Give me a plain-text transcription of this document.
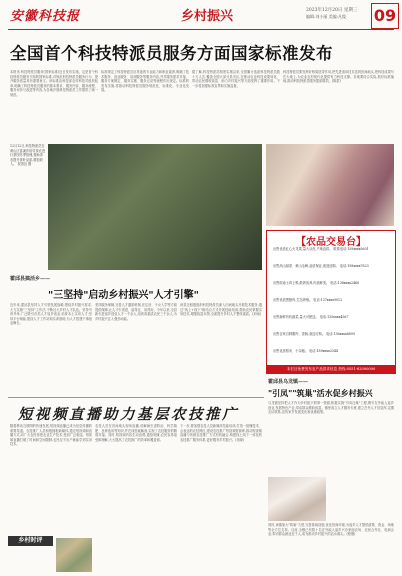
安徽科技报	乡村振兴	2023年12月20日 星期三
编辑:刘小丽 美编:凡俊	09
全国首个科技特派员服务方面国家标准发布
本报讯 科技特派员服务(国家标准)近日发布实施。这是首个科技特派员服务方面的国家标准,对规范科技特派员服务行为、提升服务质量具有重要意义。该标准由科技部农村科技司组织起草,明确了科技特派员服务的基本要求、服务内容、服务流程、服务评价与改进等内容,为各地开展科技特派员工作提供了统一规范。
标准规定了科技特派员应具备的专业能力和职业素养,明确了技术服务、创业服务、培训服务等服务内容,并对服务需求对接、服务方案制定、服务实施、服务记录等流程作出规定。标准的发布实施,将推动科技特派员服务规范化、标准化、专业化发展。
据了解,科技特派员制度实施以来,全国累计选派科技特派员数十万人次,覆盖全国大部分县市区,在推动农业科技成果转化、带动农民增收致富、助力乡村振兴等方面发挥了重要作用。下一步将加强标准宣贯和实施监督。
科技特派员要发挥好桥梁纽带作用,把先进适用技术送到田间地头,把科技成果写在大地上,为农业农村现代化提供有力科技支撑。各地要结合实际,抓好标准落地,推动科技特派员服务提质增效。(陈蒙)
12月12日,科技特派员在黄山区富溪乡指导茶农进行茶园冬季管理,帮助茶农提升茶叶品质,增加收入。 祝国良 摄
霍邱县搞活乡——
"三坚持"启动乡村振兴"人才引擎"
近年来,霍邱县坚持人才引领发展战略,围绕乡村振兴需求,大力实施"三坚持"工作法,不断壮大乡村人才队伍。坚持引育并举,广泛吸引各类人才返乡创业,培育本土实用人才;坚持平台赋能,建设人才工作站和实训基地,为人才搭建干事创业舞台。
坚持服务保障,完善人才激励机制,在住房、子女入学等方面提供保障,让人才引得进、留得住、用得好。今年以来,全县新引进返乡创业人才一千余人,培育高素质农民三千余人,为乡村振兴注入强劲动能。
该县还积极组织科技特派员深入田间地头开展技术服务,通过"线上+线下"相结合方式开展技能培训,帮助农民掌握实用技术,增强致富本领,全面提升乡村人才整体素质。(刘雨)
【农品交易台】
出售优质红心火龙果,量大从优,产地直供。 联系电话:159xxxx5601
出售高山绿茶、黄山毛峰,品质保证,欢迎选购。 电话:158xxxx7823
出售皖南土鸡土鸭,散养放养,肉质鲜美。 电话:138xxxx2468
出售优质黑猪肉,生态养殖。 电话:137xxxx9012
出售新鲜有机蔬菜,量大可配送。 电话:135xxxx4567
出售农家自制腊肉、香肠,欢迎订购。 电话:136xxxx8899
出售优质稻米、小杂粮。 电话:189xxxx3344
本栏目免费发布农产品供求信息 热线:0551-62000000
霍邱县乌龙镇——
"引凤""筑巢"活水促乡村振兴
乌龙镇坚持把人才作为乡村振兴的第一资源,积极实施"引凤还巢"工程,吸引在外能人返乡创业,发展特色产业,带动群众增收致富。镇里成立人才服务专班,建立在外人才信息库,定期走访联系,宣传家乡发展变化和优惠政策。
同时,该镇加大"筑巢"力度,完善基础设施,优化营商环境,为返乡人才提供政策、资金、场地等全方位支持。目前,全镇已有数十名在外能人返乡兴办家庭农场、农民合作社、电商企业,带动群众就业近千人,成为推动乡村振兴的活水源头。(程刚)
短视频直播助力基层农技推广
随着移动互联网的快速发展,短视频直播已成为信息传播的重要渠道。农技推广人员积极拥抱新媒体,通过短视频和直播方式,向广大农民传授农业生产技术,受到广泛欢迎。短视频直播打破了时间和空间限制,农民足不出户就能学到实用技术。
农技人员在田间地头现场直播,讲解病虫害防治、科学施肥、良种选用等知识,并在线答疑解惑,实现了农技服务的精准对接。同时,短视频内容生动直观,通俗易懂,农民容易接受和理解,大大提高了农技推广的效率和覆盖面。
下一步,要加强农技人员新媒体技能培训,打造一批懂技术、会表达的农技网红,建设农技推广短视频资源库,推动短视频直播与传统农技推广方式有机融合,构建线上线下一体化的农技推广服务体系,更好服务乡村振兴。(吴晓)
乡村时评
